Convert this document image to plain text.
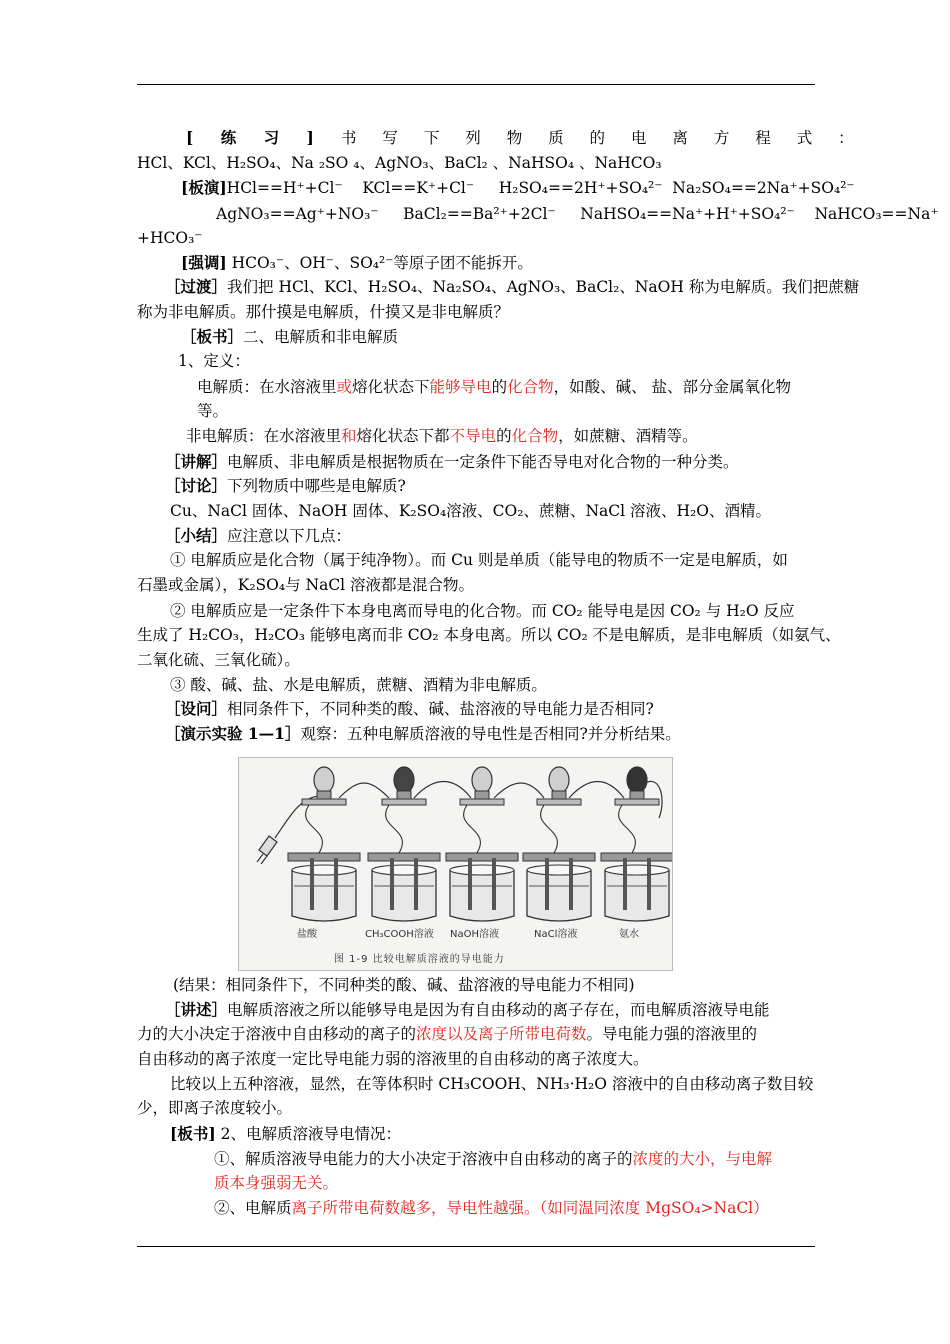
[ 练 习 ] 书 写 下 列 物 质 的 电 离 方 程 式 ：
HCl、KCl、H₂SO₄、Na ₂SO ₄、AgNO₃、BaCl₂ 、NaHSO₄ 、NaHCO₃
[板演]HCl==H⁺+Cl⁻    KCl==K⁺+Cl⁻     H₂SO₄==2H⁺+SO₄²⁻  Na₂SO₄==2Na⁺+SO₄²⁻
AgNO₃==Ag⁺+NO₃⁻     BaCl₂==Ba²⁺+2Cl⁻     NaHSO₄==Na⁺+H⁺+SO₄²⁻    NaHCO₃==Na⁺
+HCO₃⁻
[强调] HCO₃⁻、OH⁻、SO₄²⁻等原子团不能拆开。
［过渡］我们把 HCl、KCl、H₂SO₄、Na₂SO₄、AgNO₃、BaCl₂、NaOH 称为电解质。我们把蔗糖
称为非电解质。那什摸是电解质，什摸又是非电解质？
［板书］二、电解质和非电解质
1、定义：
电解质：在水溶液里或熔化状态下能够导电的化合物，如酸、碱、 盐、部分金属氧化物
等。
非电解质：在水溶液里和熔化状态下都不导电的化合物，如蔗糖、酒精等。
［讲解］电解质、非电解质是根据物质在一定条件下能否导电对化合物的一种分类。
［讨论］下列物质中哪些是电解质?
Cu、NaCl 固体、NaOH 固体、K₂SO₄溶液、CO₂、蔗糖、NaCl 溶液、H₂O、酒精。
［小结］应注意以下几点：
① 电解质应是化合物（属于纯净物）。而 Cu 则是单质（能导电的物质不一定是电解质，如
石墨或金属），K₂SO₄与 NaCl 溶液都是混合物。
② 电解质应是一定条件下本身电离而导电的化合物。而 CO₂ 能导电是因 CO₂ 与 H₂O 反应
生成了 H₂CO₃，H₂CO₃ 能够电离而非 CO₂ 本身电离。所以 CO₂ 不是电解质，是非电解质（如氨气、
二氧化硫、三氧化硫）。
③ 酸、碱、盐、水是电解质，蔗糖、酒精为非电解质。
［设问］相同条件下，不同种类的酸、碱、盐溶液的导电能力是否相同?
［演示实验 1—1］观察：五种电解质溶液的导电性是否相同?并分析结果。
盐酸	CH₃COOH溶液 NaOH溶液	NaCl溶液	氨水
图 1-9 比较电解质溶液的导电能力
(结果：相同条件下，不同种类的酸、碱、盐溶液的导电能力不相同)
［讲述］电解质溶液之所以能够导电是因为有自由移动的离子存在，而电解质溶液导电能
力的大小决定于溶液中自由移动的离子的浓度以及离子所带电荷数。导电能力强的溶液里的
自由移动的离子浓度一定比导电能力弱的溶液里的自由移动的离子浓度大。
比较以上五种溶液，显然，在等体积时 CH₃COOH、NH₃·H₂O 溶液中的自由移动离子数目较
少，即离子浓度较小。
[板书] 2、电解质溶液导电情况：
①、解质溶液导电能力的大小决定于溶液中自由移动的离子的浓度的大小，与电解
质本身强弱无关。
②、电解质离子所带电荷数越多，导电性越强。（如同温同浓度 MgSO₄>NaCl）
